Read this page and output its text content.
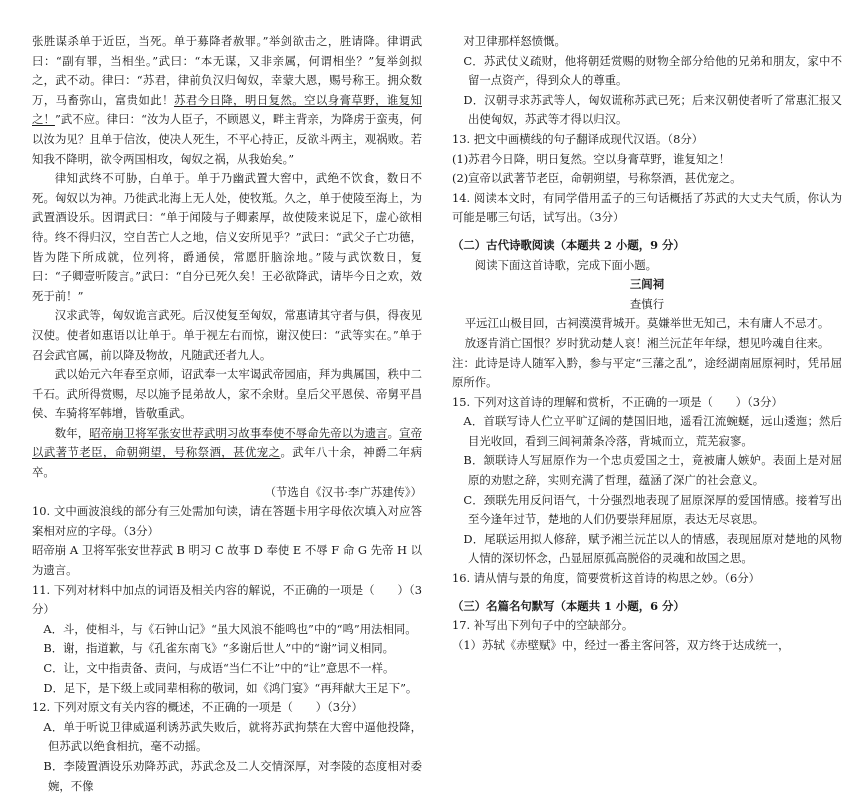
张胜谋杀单于近臣，当死。单于募降者赦罪。”举剑欲击之，胜请降。律谓武曰：“副有罪，当相坐。”武曰：“本无谋，又非亲属，何谓相坐？”复举剑拟之，武不动。律曰：“苏君，律前负汉归匈奴，幸蒙大恩，赐号称王。拥众数万，马畜弥山，富贵如此！苏君今日降，明日复然。空以身膏草野，谁复知之！”武不应。律曰：“汝为人臣子，不顾恩义，畔主背亲，为降虏于蛮夷，何以汝为见？且单于信汝，使决人死生，不平心持正，反欲斗两主，观祸败。若知我不降明，欲令两国相攻，匈奴之祸，从我始矣。”

律知武终不可胁，白单于。单于乃幽武置大窖中，武绝不饮食，数日不死。匈奴以为神。乃徙武北海上无人处，使牧羝。久之，单于使陵至海上，为武置酒设乐。因谓武曰：“单于闻陵与子卿素厚，故使陵来说足下，虚心欲相待。终不得归汉，空自苦亡人之地，信义安所见乎？”武曰：“武父子亡功德，皆为陛下所成就，位列将，爵通侯，常愿肝脑涂地。”陵与武饮数日，复曰：“子卿壹听陵言。”武曰：“自分已死久矣！王必欲降武，请毕今日之欢，效死于前！”

汉求武等，匈奴诡言武死。后汉使复至匈奴，常惠请其守者与俱，得夜见汉使。使者如惠语以让单于。单于视左右而惊，谢汉使曰：“武等实在。”单于召会武官属，前以降及物故，凡随武还者九人。

武以始元六年春至京师，诏武奉一太牢谒武帝园庙，拜为典属国，秩中二千石。武所得赏赐，尽以施予昆弟故人，家不余财。皇后父平恩侯、帝舅平昌侯、车骑将军韩增，皆敬重武。

数年，昭帝崩卫将军张安世荐武明习故事奉使不辱命先帝以为遗言。宣帝以武著节老臣，命朝朔望，号称祭酒，甚优宠之。武年八十余，神爵二年病卒。

（节选自《汉书·李广苏建传》）

10. 文中画波浪线的部分有三处需加句读，请在答题卡用字母依次填入对应答案相对应的字母。（3分）

昭帝崩 A 卫将军张安世荐武 B 明习 C 故事 D 奉使 E 不辱 F 命 G 先帝 H 以为遗言。

11. 下列对材料中加点的词语及相关内容的解说，不正确的一项是（　　）（3分）

A．斗，使相斗，与《石钟山记》“虽大风浪不能鸣也”中的“鸣”用法相同。

B．谢，指道歉，与《孔雀东南飞》“多谢后世人”中的“谢”词义相同。

C．让，文中指责备、责问，与成语“当仁不让”中的“让”意思不一样。

D．足下，是下级上或同辈相称的敬词，如《鸿门宴》“再拜献大王足下”。

12. 下列对原文有关内容的概述，不正确的一项是（　　）（3分）

A．单于听说卫律威逼利诱苏武失败后，就将苏武拘禁在大窖中逼他投降，但苏武以绝食相抗，毫不动摇。

B．李陵置酒设乐劝降苏武，苏武念及二人交情深厚，对李陵的态度相对委婉，不像

对卫律那样怒愤慨。

C．苏武仗义疏财，他将朝廷赏赐的财物全部分给他的兄弟和朋友，家中不留一点资产，得到众人的尊重。

D．汉朝寻求苏武等人，匈奴谎称苏武已死；后来汉朝使者听了常惠汇报又出使匈奴，苏武等才得以归汉。

13. 把文中画横线的句子翻译成现代汉语。（8分）

(1)苏君今日降，明日复然。空以身膏草野，谁复知之！

(2)宣帝以武著节老臣，命朝朔望，号称祭酒，甚优宠之。

14. 阅读本文时，有同学借用孟子的三句话概括了苏武的大丈夫气质，你认为可能是哪三句话，试写出。（3分）

（二）古代诗歌阅读（本题共 2 小题，9 分）

阅读下面这首诗歌，完成下面小题。

三闾祠

查慎行

平远江山极目回，古祠漠漠背城开。莫嫌举世无知己，未有庸人不忌才。

放逐肯消亡国恨？岁时犹动楚人哀！湘兰沅芷年年绿，想见吟魂自往来。

注：此诗是诗人随军入黔，参与平定“三藩之乱”，途经湖南屈原祠时，凭吊屈原所作。

15. 下列对这首诗的理解和赏析，不正确的一项是（　　）（3分）

A．首联写诗人伫立平旷辽阔的楚国旧地，遥看江流蜿蜒，远山逶迤；然后目光收回，看到三闾祠萧条冷落，背城而立，荒芜寂寥。

B．颔联诗人写屈原作为一个忠贞爱国之士，竟被庸人嫉妒。表面上是对屈原的劝慰之辞，实则充满了哲理，蕴涵了深广的社会意义。

C．颈联先用反问语气，十分强烈地表现了屈原深厚的爱国情感。接着写出至今逢年过节，楚地的人们仍要崇拜屈原，表达无尽哀思。

D．尾联运用拟人修辞，赋予湘兰沅芷以人的情感，表现屈原对楚地的风物人情的深切怀念，凸显屈原孤高脱俗的灵魂和故国之思。

16. 请从情与景的角度，简要赏析这首诗的构思之妙。（6分）

（三）名篇名句默写（本题共 1 小题，6 分）

17. 补写出下列句子中的空缺部分。

（1）苏轼《赤壁赋》中，经过一番主客问答，双方终于达成统一，
